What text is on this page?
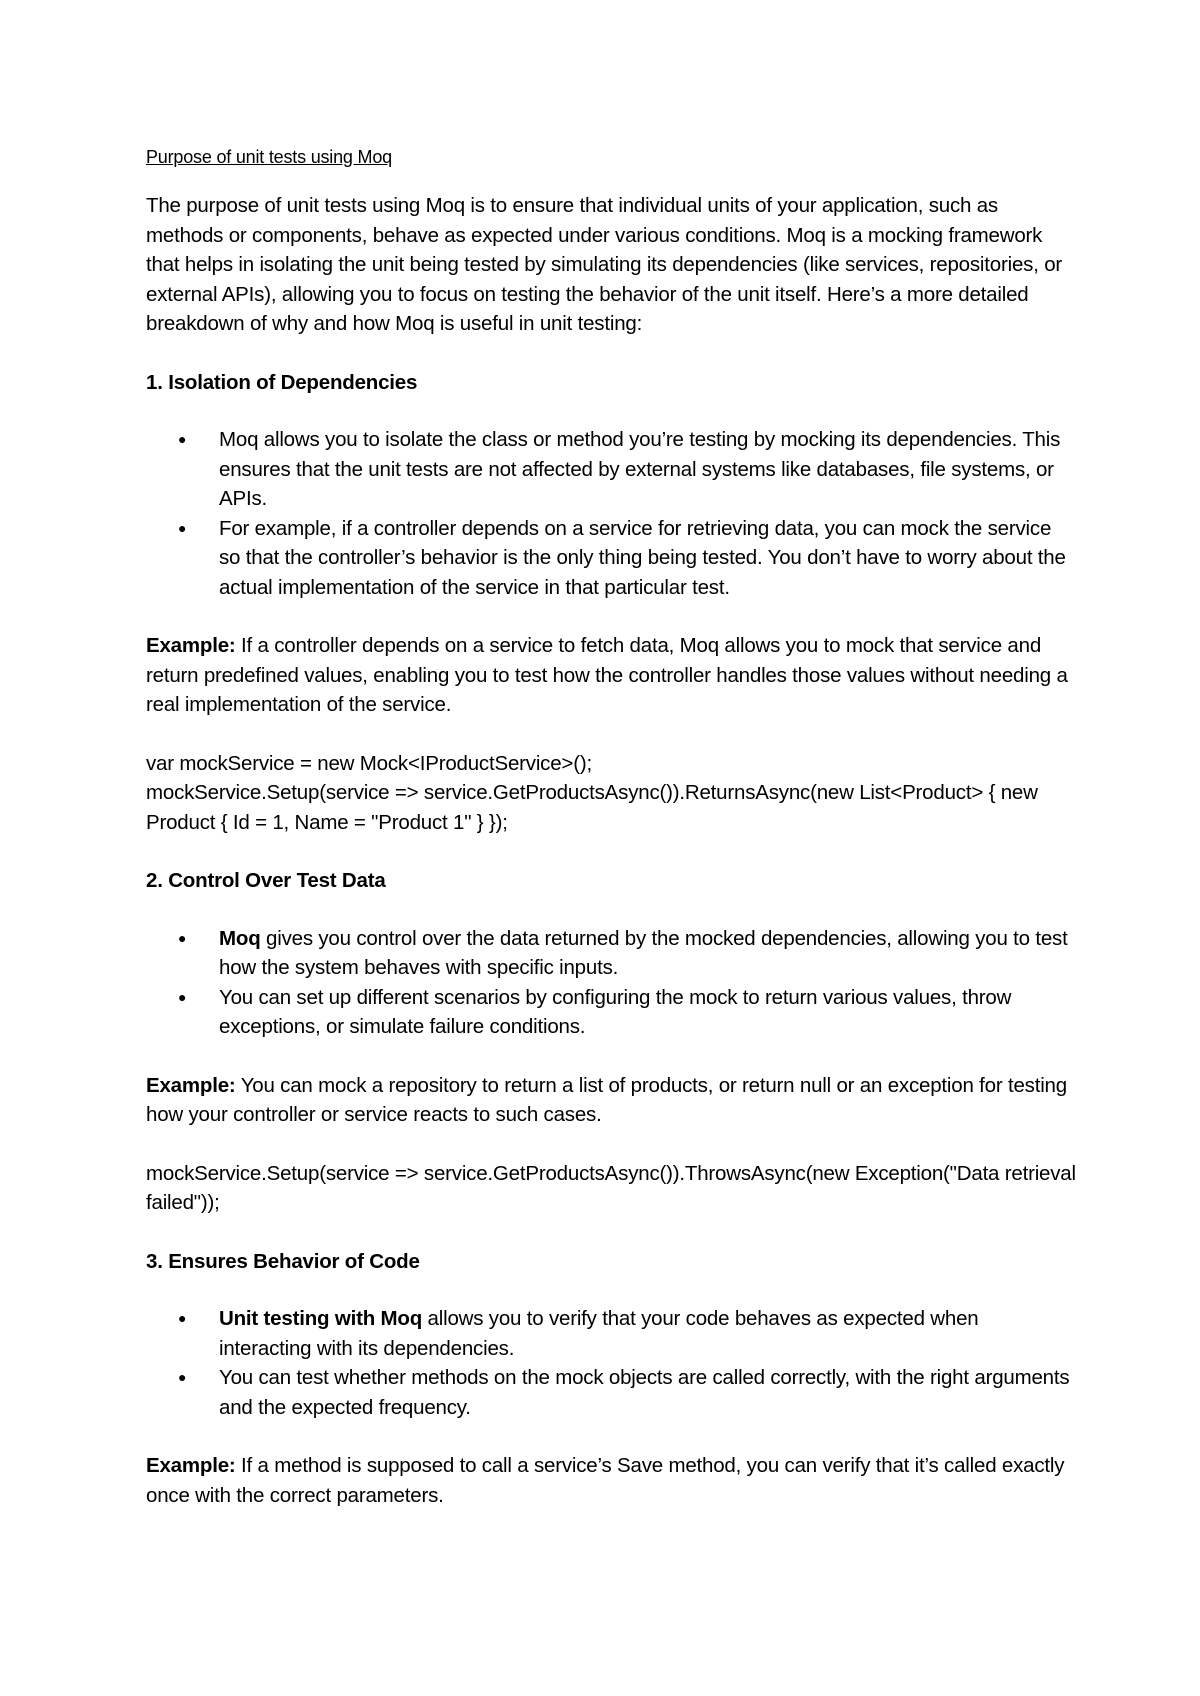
Purpose of unit tests using Moq

The purpose of unit tests using Moq is to ensure that individual units of your application, such as methods or components, behave as expected under various conditions. Moq is a mocking framework that helps in isolating the unit being tested by simulating its dependencies (like services, repositories, or external APIs), allowing you to focus on testing the behavior of the unit itself. Here’s a more detailed breakdown of why and how Moq is useful in unit testing:

1. Isolation of Dependencies
● Moq allows you to isolate the class or method you’re testing by mocking its dependencies. This ensures that the unit tests are not affected by external systems like databases, file systems, or APIs.
● For example, if a controller depends on a service for retrieving data, you can mock the service so that the controller’s behavior is the only thing being tested. You don’t have to worry about the actual implementation of the service in that particular test.

Example: If a controller depends on a service to fetch data, Moq allows you to mock that service and return predefined values, enabling you to test how the controller handles those values without needing a real implementation of the service.

var mockService = new Mock<IProductService>();
mockService.Setup(service => service.GetProductsAsync()).ReturnsAsync(new List<Product> { new Product { Id = 1, Name = "Product 1" } });
2. Control Over Test Data
● Moq gives you control over the data returned by the mocked dependencies, allowing you to test how the system behaves with specific inputs.
● You can set up different scenarios by configuring the mock to return various values, throw exceptions, or simulate failure conditions.

Example: You can mock a repository to return a list of products, or return null or an exception for testing how your controller or service reacts to such cases.

mockService.Setup(service => service.GetProductsAsync()).ThrowsAsync(new Exception("Data retrieval failed"));
3. Ensures Behavior of Code
● Unit testing with Moq allows you to verify that your code behaves as expected when interacting with its dependencies.
● You can test whether methods on the mock objects are called correctly, with the right arguments and the expected frequency.

Example: If a method is supposed to call a service’s Save method, you can verify that it’s called exactly once with the correct parameters.
